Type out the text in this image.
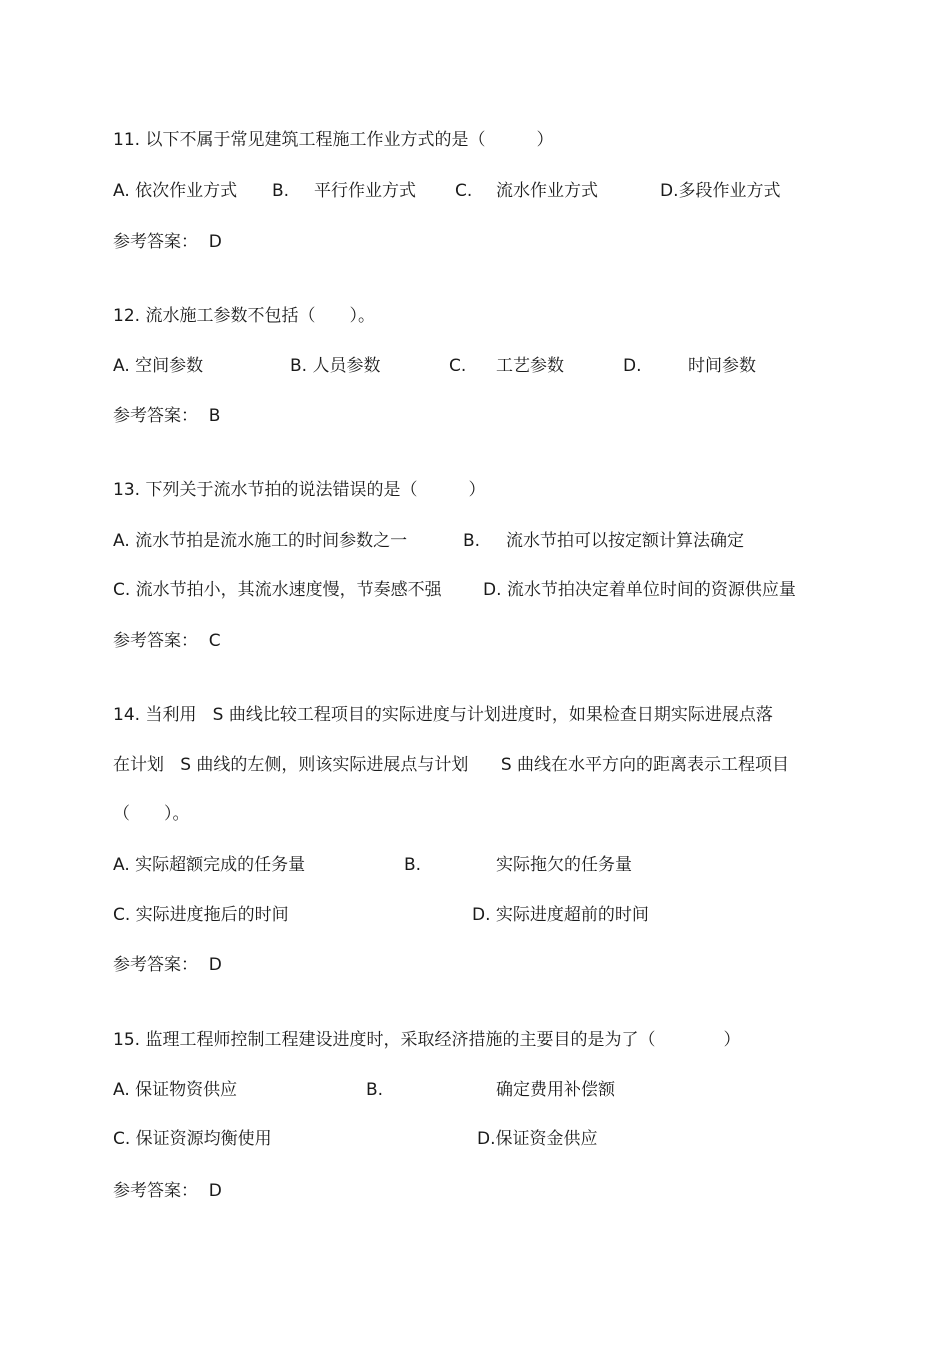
11. 以下不属于常见建筑工程施工作业方式的是（　　　）
A. 依次作业方式 B. 平行作业方式 C. 流水作业方式	D.多段作业方式
参考答案：  D
12. 流水施工参数不包括（　　）。
A. 空间参数	B. 人员参数	C. 工艺参数	D.	时间参数
参考答案：  B
13. 下列关于流水节拍的说法错误的是（　　　）
A. 流水节拍是流水施工的时间参数之一	B. 流水节拍可以按定额计算法确定
C. 流水节拍小，其流水速度慢，节奏感不强 D. 流水节拍决定着单位时间的资源供应量
参考答案：  C
14. 当利用   S 曲线比较工程项目的实际进度与计划进度时，如果检查日期实际进展点落
在计划   S 曲线的左侧，则该实际进展点与计划      S 曲线在水平方向的距离表示工程项目
（　　）。
A. 实际超额完成的任务量	B.	实际拖欠的任务量
C. 实际进度拖后的时间	D. 实际进度超前的时间
参考答案：  D
15. 监理工程师控制工程建设进度时，采取经济措施的主要目的是为了（　　　　）
A. 保证物资供应	B.	确定费用补偿额
C. 保证资源均衡使用	D.保证资金供应
参考答案：  D
